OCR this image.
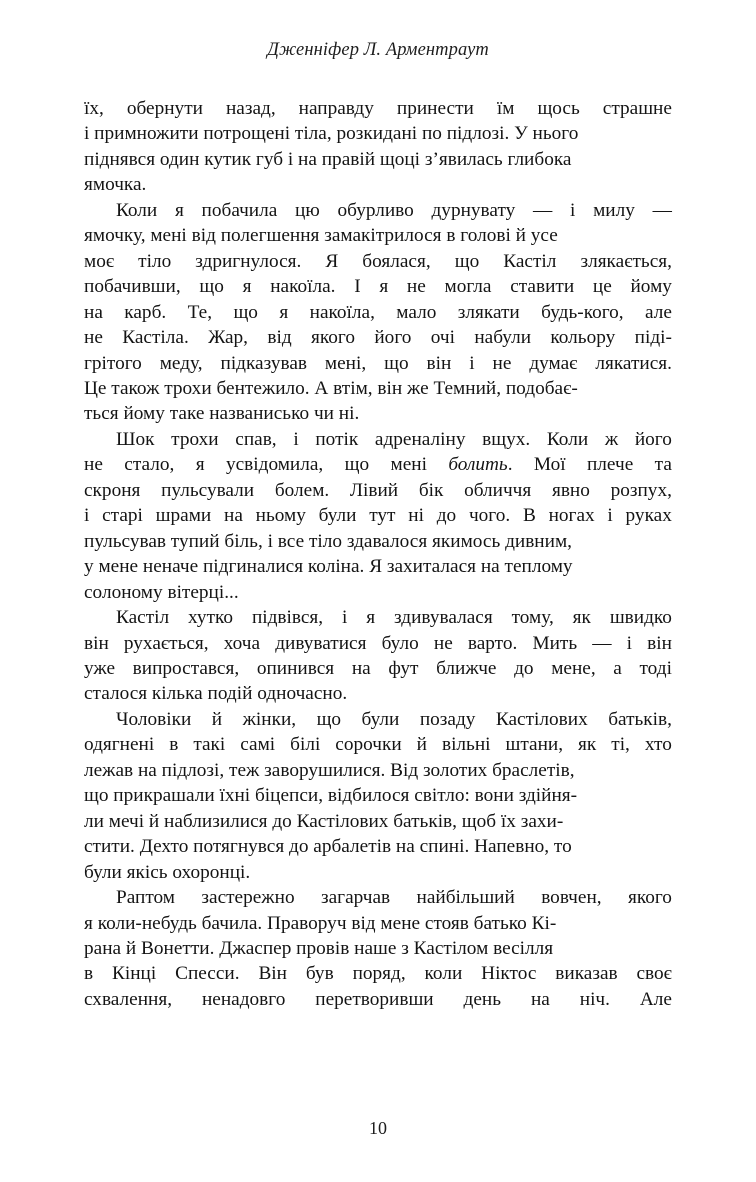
Дженніфер Л. Арментраут

їх, обернути назад, направду принести їм щось страшне
і примножити потрощені тіла, розкидані по підлозі. У нього
піднявся один кутик губ і на правій щоці з’явилась глибока
ямочка.

Коли я побачила цю обурливо дурнувату — і милу —
ямочку, мені від полегшення замакітрилося в голові й усе
моє тіло здригнулося. Я боялася, що Кастіл злякається,
побачивши, що я накоїла. І я не могла ставити це йому
на карб. Те, що я накоїла, мало злякати будь-кого, але
не Кастіла. Жар, від якого його очі набули кольору піді-
грітого меду, підказував мені, що він і не думає лякатися.
Це також трохи бентежило. А втім, він же Темний, подобає-
ться йому таке названисько чи ні.

Шок трохи спав, і потік адреналіну вщух. Коли ж його
не стало, я усвідомила, що мені болить. Мої плече та
скроня пульсували болем. Лівий бік обличчя явно розпух,
і старі шрами на ньому були тут ні до чого. В ногах і руках
пульсував тупий біль, і все тіло здавалося якимось дивним,
у мене неначе підгиналися коліна. Я захиталася на теплому
солоному вітерці...

Кастіл хутко підвівся, і я здивувалася тому, як швидко
він рухається, хоча дивуватися було не варто. Мить — і він
уже випростався, опинився на фут ближче до мене, а тоді
сталося кілька подій одночасно.

Чоловіки й жінки, що були позаду Кастілових батьків,
одягнені в такі самі білі сорочки й вільні штани, як ті, хто
лежав на підлозі, теж заворушилися. Від золотих браслетів,
що прикрашали їхні біцепси, відбилося світло: вони здійня-
ли мечі й наблизилися до Кастілових батьків, щоб їх захи-
стити. Дехто потягнувся до арбалетів на спині. Напевно, то
були якісь охоронці.

Раптом застережно загарчав найбільший вовчен, якого
я коли-небудь бачила. Праворуч від мене стояв батько Кі-
рана й Вонетти. Джаспер провів наше з Кастілом весілля
в Кінці Спесси. Він був поряд, коли Ніктос виказав своє
схвалення, ненадовго перетворивши день на ніч. Але

10
